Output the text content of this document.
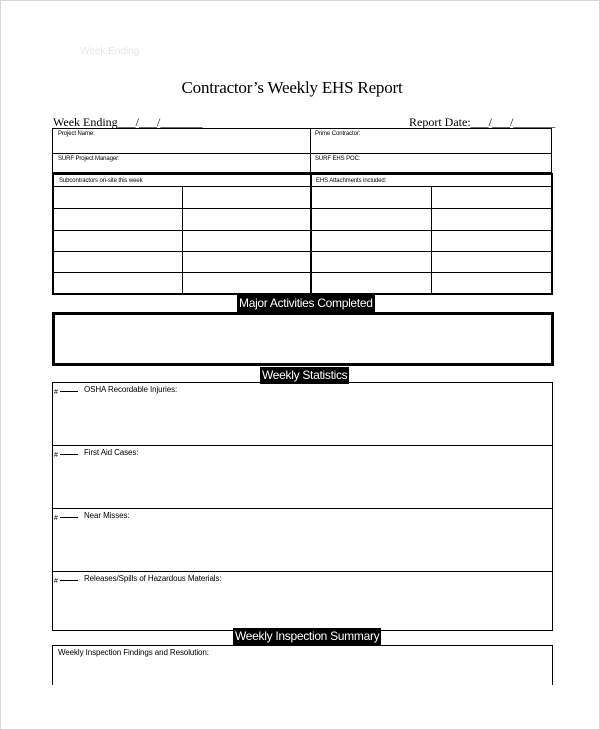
Week Ending
Contractor’s Weekly EHS Report
Week Ending___/___/_______	Report Date:___/___/_______
Project Name:	Prime Contractor:
SURF Project Manager:	SURF EHS POC:
Subcontractors on-site this week	EHS Attachments included:
Major Activities Completed
Weekly Statistics
#	OSHA Recordable Injuries:
#	First Aid Cases:
#	Near Misses:
#	Releases/Spills of Hazardous Materials:
Weekly Inspection Summary
Weekly Inspection Findings and Resolution:
